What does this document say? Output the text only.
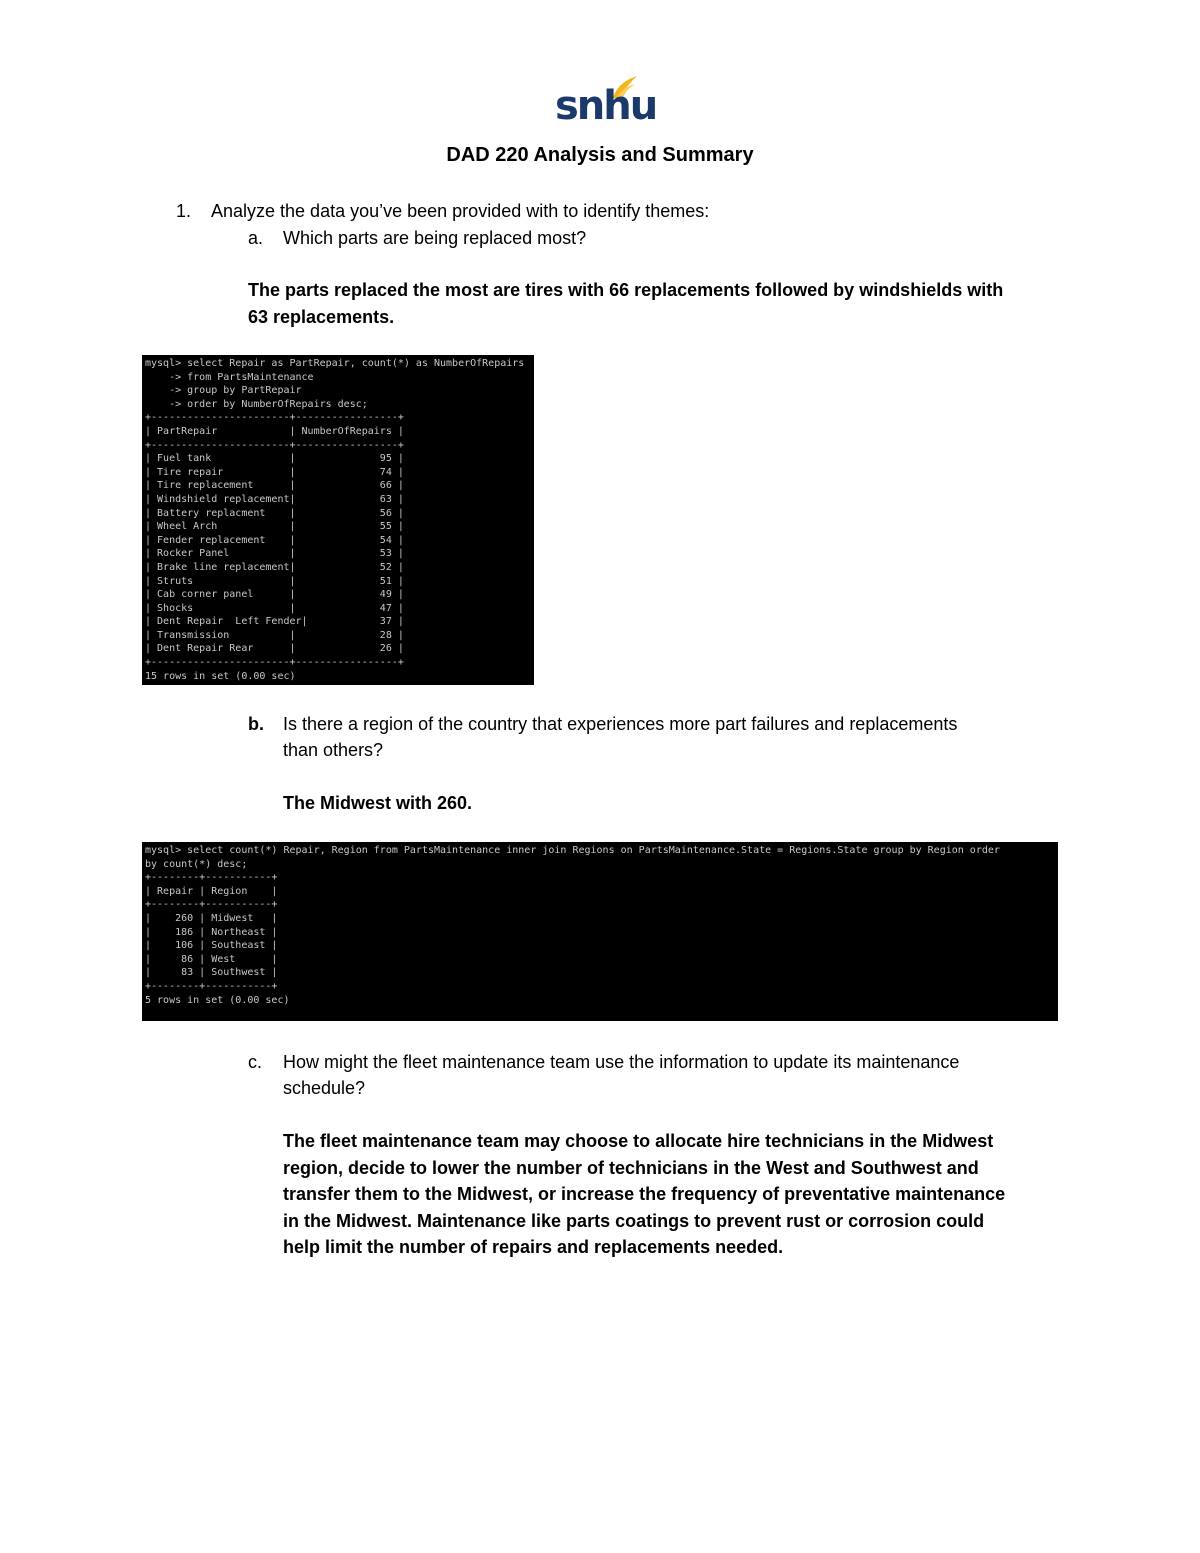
snhu
DAD 220 Analysis and Summary
1. Analyze the data you’ve been provided with to identify themes:
a. Which parts are being replaced most?
The parts replaced the most are tires with 66 replacements followed by windshields with
63 replacements.
mysql> select Repair as PartRepair, count(*) as NumberOfRepairs
-> from PartsMaintenance
-> group by PartRepair
-> order by NumberOfRepairs desc;
+-----------------------+-----------------+
| PartRepair            | NumberOfRepairs |
+-----------------------+-----------------+
| Fuel tank             |              95 |
| Tire repair           |              74 |
| Tire replacement      |              66 |
| Windshield replacement|              63 |
| Battery replacment    |              56 |
| Wheel Arch            |              55 |
| Fender replacement    |              54 |
| Rocker Panel          |              53 |
| Brake line replacement|              52 |
| Struts                |              51 |
| Cab corner panel      |              49 |
| Shocks                |              47 |
| Dent Repair  Left Fender|            37 |
| Transmission          |              28 |
| Dent Repair Rear      |              26 |
+-----------------------+-----------------+
15 rows in set (0.00 sec)
b. Is there a region of the country that experiences more part failures and replacements
than others?
The Midwest with 260.
mysql> select count(*) Repair, Region from PartsMaintenance inner join Regions on PartsMaintenance.State = Regions.State group by Region order
by count(*) desc;
+--------+-----------+
| Repair | Region    |
+--------+-----------+
|    260 | Midwest   |
|    186 | Northeast |
|    106 | Southeast |
|     86 | West      |
|     83 | Southwest |
+--------+-----------+
5 rows in set (0.00 sec)
c. How might the fleet maintenance team use the information to update its maintenance
schedule?
The fleet maintenance team may choose to allocate hire technicians in the Midwest
region, decide to lower the number of technicians in the West and Southwest and
transfer them to the Midwest, or increase the frequency of preventative maintenance
in the Midwest. Maintenance like parts coatings to prevent rust or corrosion could
help limit the number of repairs and replacements needed.
